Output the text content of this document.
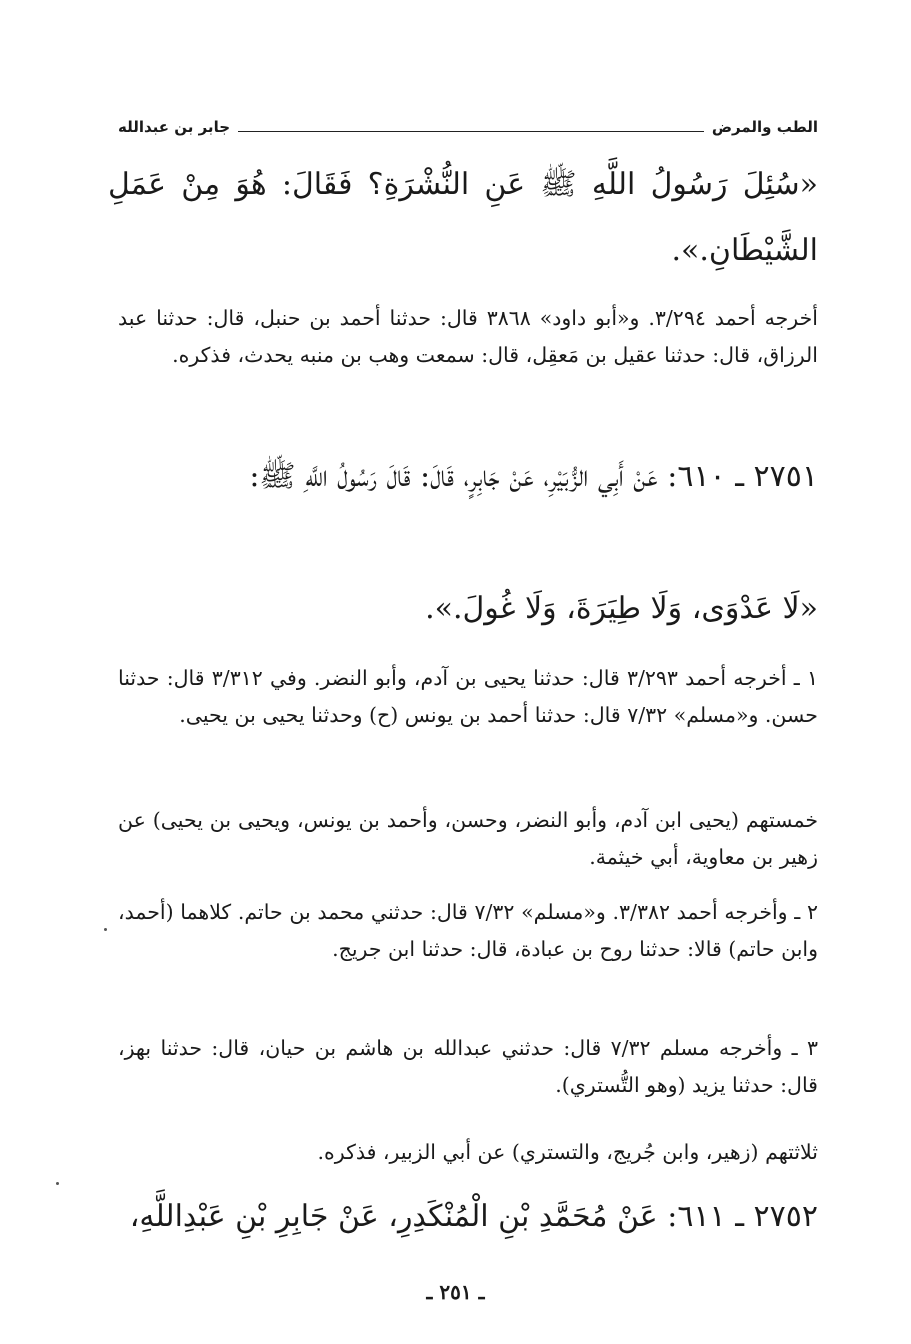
الطب والمرض
جابر بن عبدالله
«سُئِلَ رَسُولُ اللَّهِ ﷺ عَنِ النُّشْرَةِ؟ فَقَالَ: هُوَ مِنْ عَمَلِ الشَّيْطَانِ.».
أخرجه أحمد ٣/٢٩٤. و«أبو داود» ٣٨٦٨ قال: حدثنا أحمد بن حنبل، قال: حدثنا عبد الرزاق، قال: حدثنا عقيل بن مَعقِل، قال: سمعت وهب بن منبه يحدث، فذكره.
٢٧٥١ ـ ٦١٠: عَنْ أَبِي الزُّبَيْرِ، عَنْ جَابِرٍ، قَالَ: قَالَ رَسُولُ اللَّهِ ﷺ:
«لَا عَدْوَى، وَلَا طِيَرَةَ، وَلَا غُولَ.».
١ ـ أخرجه أحمد ٣/٢٩٣ قال: حدثنا يحيى بن آدم، وأبو النضر. وفي ٣/٣١٢ قال: حدثنا حسن. و«مسلم» ٧/٣٢ قال: حدثنا أحمد بن يونس (ح) وحدثنا يحيى بن يحيى.
خمستهم (يحيى ابن آدم، وأبو النضر، وحسن، وأحمد بن يونس، ويحيى بن يحيى) عن زهير بن معاوية، أبي خيثمة.
٢ ـ وأخرجه أحمد ٣/٣٨٢. و«مسلم» ٧/٣٢ قال: حدثني محمد بن حاتم. كلاهما (أحمد، وابن حاتم) قالا: حدثنا روح بن عبادة، قال: حدثنا ابن جريج.
٣ ـ وأخرجه مسلم ٧/٣٢ قال: حدثني عبدالله بن هاشم بن حيان، قال: حدثنا بهز، قال: حدثنا يزيد (وهو التُّستري).
ثلاثتهم (زهير، وابن جُريج، والتستري) عن أبي الزبير، فذكره.
٢٧٥٢ ـ ٦١١: عَنْ مُحَمَّدِ بْنِ الْمُنْكَدِرِ، عَنْ جَابِرِ بْنِ عَبْدِاللَّهِ،
ـ ٢٥١ ـ
